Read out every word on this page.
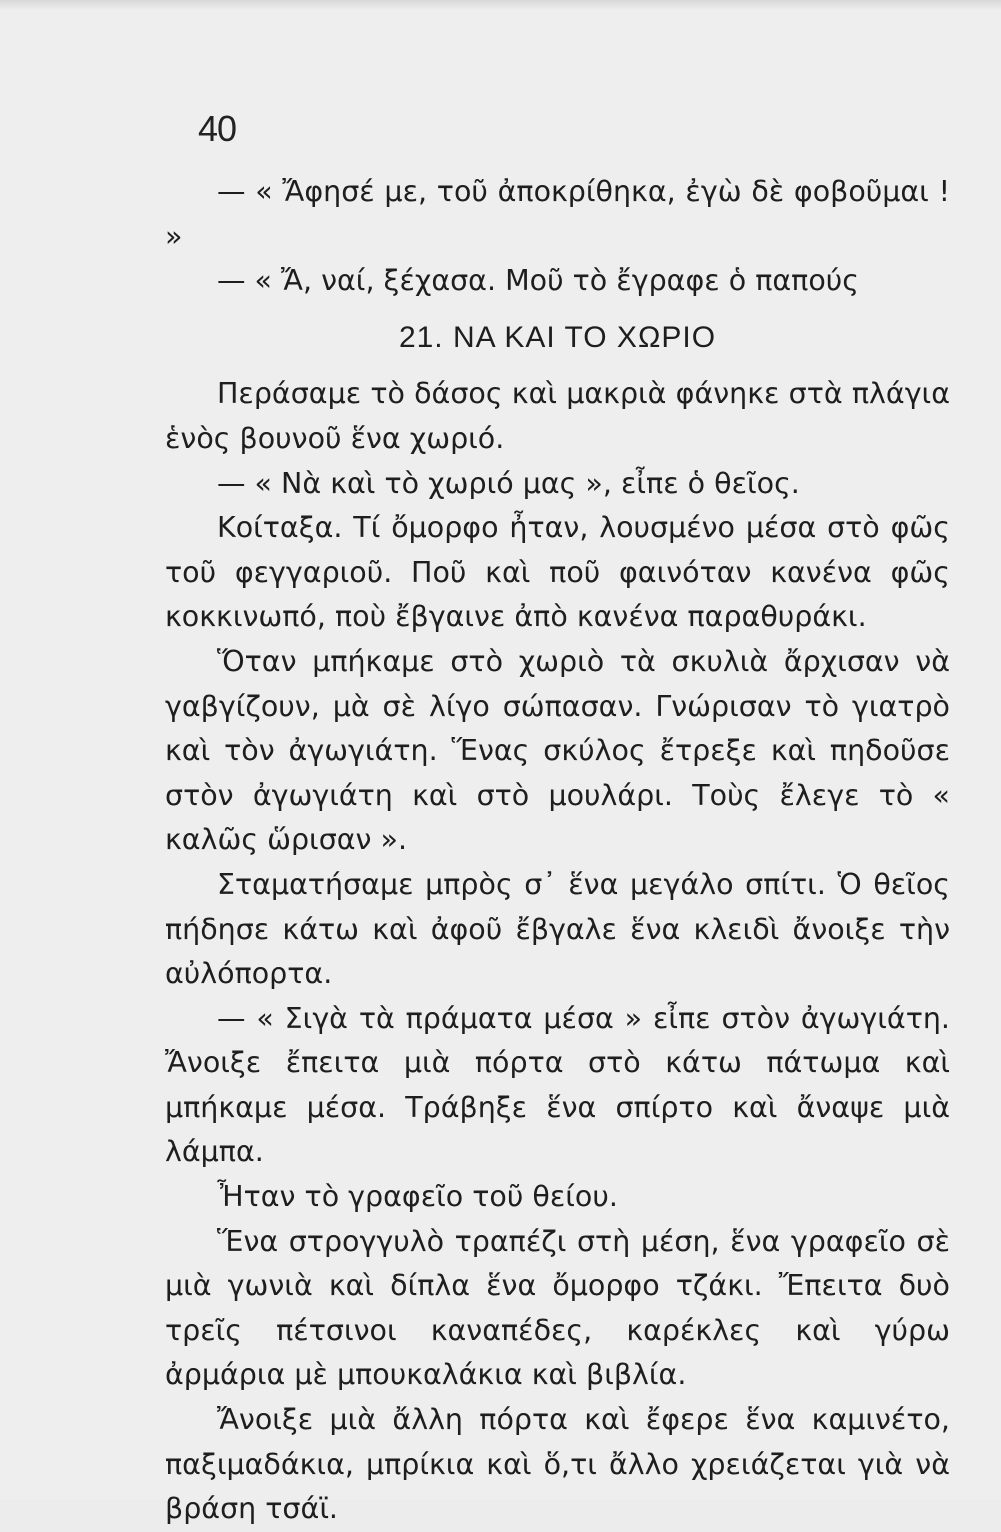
40

— « Ἄφησέ με, τοῦ ἀποκρίθηκα, ἐγὼ δὲ φοβοῦμαι ! »

— « Ἄ, ναί, ξέχασα. Μοῦ τὸ ἔγραφε ὁ παπούς

21. ΝΑ ΚΑΙ ΤΟ ΧΩΡΙΟ

Περάσαμε τὸ δάσος καὶ μακριὰ φάνηκε στὰ πλάγια ἑνὸς βουνοῦ ἕνα χωριό.

— « Νὰ καὶ τὸ χωριό μας », εἶπε ὁ θεῖος.

Κοίταξα. Τί ὄμορφο ἦταν, λουσμένο μέσα στὸ φῶς τοῦ φεγγαριοῦ. Ποῦ καὶ ποῦ φαινόταν κανένα φῶς κοκκινωπό, ποὺ ἔβγαινε ἀπὸ κανένα παραθυράκι.

Ὅταν μπήκαμε στὸ χωριὸ τὰ σκυλιὰ ἄρχισαν νὰ γαβγίζουν, μὰ σὲ λίγο σώπασαν. Γνώρισαν τὸ γιατρὸ καὶ τὸν ἀγωγιάτη. Ἕνας σκύλος ἔτρεξε καὶ πηδοῦσε στὸν ἀγωγιάτη καὶ στὸ μουλάρι. Τοὺς ἔλεγε τὸ « καλῶς ὥρισαν ».

Σταματήσαμε μπρὸς σ᾽ ἕνα μεγάλο σπίτι. Ὁ θεῖος πήδησε κάτω καὶ ἀφοῦ ἔβγαλε ἕνα κλειδὶ ἄνοιξε τὴν αὐλόπορτα.

— « Σιγὰ τὰ πράματα μέσα » εἶπε στὸν ἀγωγιάτη. Ἄνοιξε ἔπειτα μιὰ πόρτα στὸ κάτω πάτωμα καὶ μπήκαμε μέσα. Τράβηξε ἕνα σπίρτο καὶ ἄναψε μιὰ λάμπα.

Ἦταν τὸ γραφεῖο τοῦ θείου.

Ἕνα στρογγυλὸ τραπέζι στὴ μέση, ἕνα γραφεῖο σὲ μιὰ γωνιὰ καὶ δίπλα ἕνα ὄμορφο τζάκι. Ἔπειτα δυὸ τρεῖς πέτσινοι καναπέδες, καρέκλες καὶ γύρω ἀρμάρια μὲ μπουκαλάκια καὶ βιβλία.

Ἄνοιξε μιὰ ἄλλη πόρτα καὶ ἔφερε ἕνα καμινέτο, παξιμαδάκια, μπρίκια καὶ ὅ,τι ἄλλο χρειάζεται γιὰ νὰ βράση τσάϊ.
